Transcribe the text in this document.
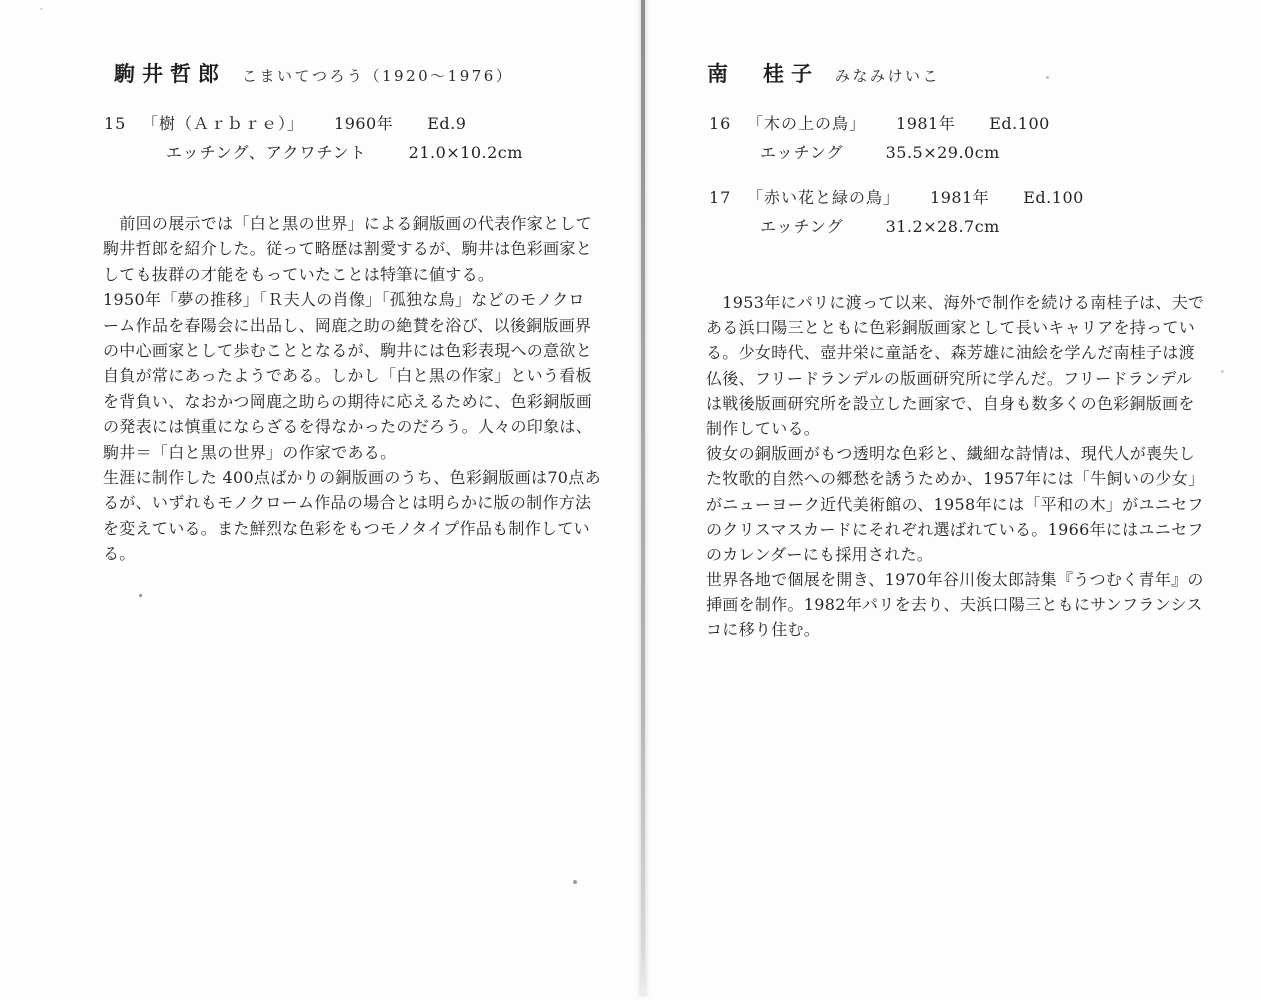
駒井哲郎 こまいてつろう（1920～1976）
15 「樹（Ａｒｂｒｅ）」 1960年 Ed.9
エッチング、アクワチント	21.0×10.2cm
　前回の展示では「白と黒の世界」による銅版画の代表作家として
駒井哲郎を紹介した。従って略歴は割愛するが、駒井は色彩画家と
しても抜群の才能をもっていたことは特筆に値する。
1950年「夢の推移」「Ｒ夫人の肖像」「孤独な鳥」などのモノクロ
ーム作品を春陽会に出品し、岡鹿之助の絶賛を浴び、以後銅版画界
の中心画家として歩むこととなるが、駒井には色彩表現への意欲と
自負が常にあったようである。しかし「白と黒の作家」という看板
を背負い、なおかつ岡鹿之助らの期待に応えるために、色彩銅版画
の発表には慎重にならざるを得なかったのだろう。人々の印象は、
駒井＝「白と黒の世界」の作家である。
生涯に制作した 400点ばかりの銅版画のうち、色彩銅版画は70点あ
るが、いずれもモノクローム作品の場合とは明らかに版の制作方法
を変えている。また鮮烈な色彩をもつモノタイプ作品も制作してい
る。
南　桂子 みなみけいこ
16 「木の上の鳥」 1981年 Ed.100
エッチング	35.5×29.0cm
17 「赤い花と緑の鳥」 1981年 Ed.100
エッチング	31.2×28.7cm
　1953年にパリに渡って以来、海外で制作を続ける南桂子は、夫で
ある浜口陽三とともに色彩銅版画家として長いキャリアを持ってい
る。少女時代、壺井栄に童話を、森芳雄に油絵を学んだ南桂子は渡
仏後、フリードランデルの版画研究所に学んだ。フリードランデル
は戦後版画研究所を設立した画家で、自身も数多くの色彩銅版画を
制作している。
彼女の銅版画がもつ透明な色彩と、繊細な詩情は、現代人が喪失し
た牧歌的自然への郷愁を誘うためか、1957年には「牛飼いの少女」
がニューヨーク近代美術館の、1958年には「平和の木」がユニセフ
のクリスマスカードにそれぞれ選ばれている。1966年にはユニセフ
のカレンダーにも採用された。
世界各地で個展を開き、1970年谷川俊太郎詩集『うつむく青年』の
挿画を制作。1982年パリを去り、夫浜口陽三ともにサンフランシス
コに移り住む。
